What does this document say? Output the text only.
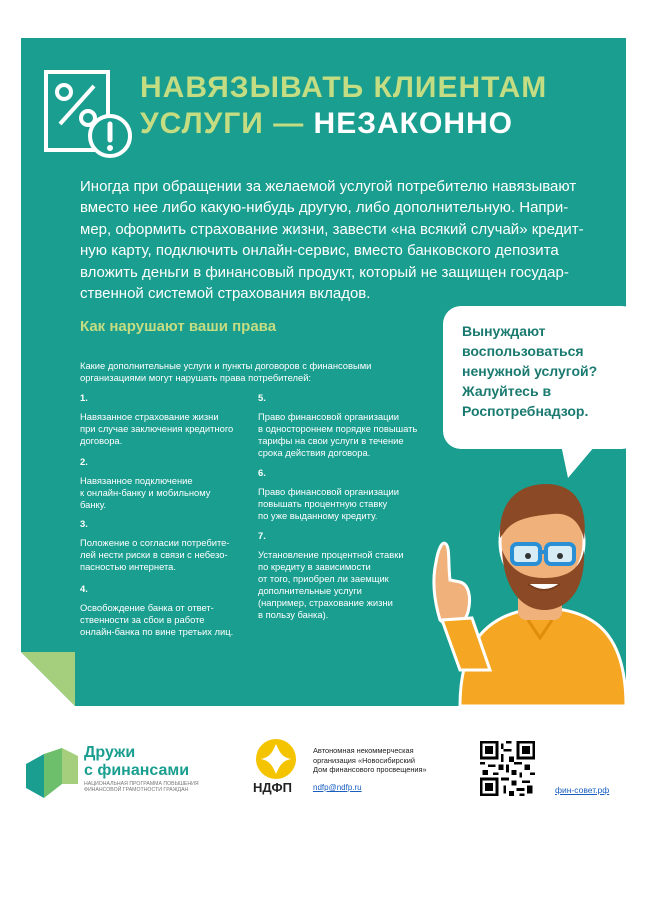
НАВЯЗЫВАТЬ КЛИЕНТАМ
УСЛУГИ — НЕЗАКОННО

Иногда при обращении за желаемой услугой потребителю навязывают

вместо нее либо какую-нибудь другую, либо дополнительную. Напри-

мер, оформить страхование жизни, завести «на всякий случай» кредит-

ную карту, подключить онлайн-сервис, вместо банковского депозита

вложить деньги в финансовый продукт, который не защищен государ-

ственной системой страхования вкладов.

Как нарушают ваши права
Какие дополнительные услуги и пункты договоров с финансовыми организациями могут нарушать права потребителей:
1.
Навязанное страхование жизни
при случае заключения кредитного
договора.
2.
Навязанное подключение
к онлайн-банку и мобильному
банку.
3.
Положение о согласии потребите-
лей нести риски в связи с небезо-
пасностью интернета.
4.
Освобождение банка от ответ-
ственности за сбои в работе
онлайн-банка по вине третьих лиц.
5.
Право финансовой организации
в одностороннем порядке повышать
тарифы на свои услуги в течение
срока действия договора.
6.
Право финансовой организации
повышать процентную ставку
по уже выданному кредиту.
7.
Установление процентной ставки
по кредиту в зависимости
от того, приобрел ли заемщик
дополнительные услуги
(например, страхование жизни
в пользу банка).
Вынуждают воспользоваться ненужной услугой? Жалуйтесь в Роспотребнадзор.
Дружи
с финансами
НАЦИОНАЛЬНАЯ ПРОГРАММА ПОВЫШЕНИЯ ФИНАНСОВОЙ ГРАМОТНОСТИ ГРАЖДАН	НДФП
Автономная некоммерческая
организация «Новосибирский
Дом финансового просвещения»
ndfp@ndfp.ru	фин-совет.рф
